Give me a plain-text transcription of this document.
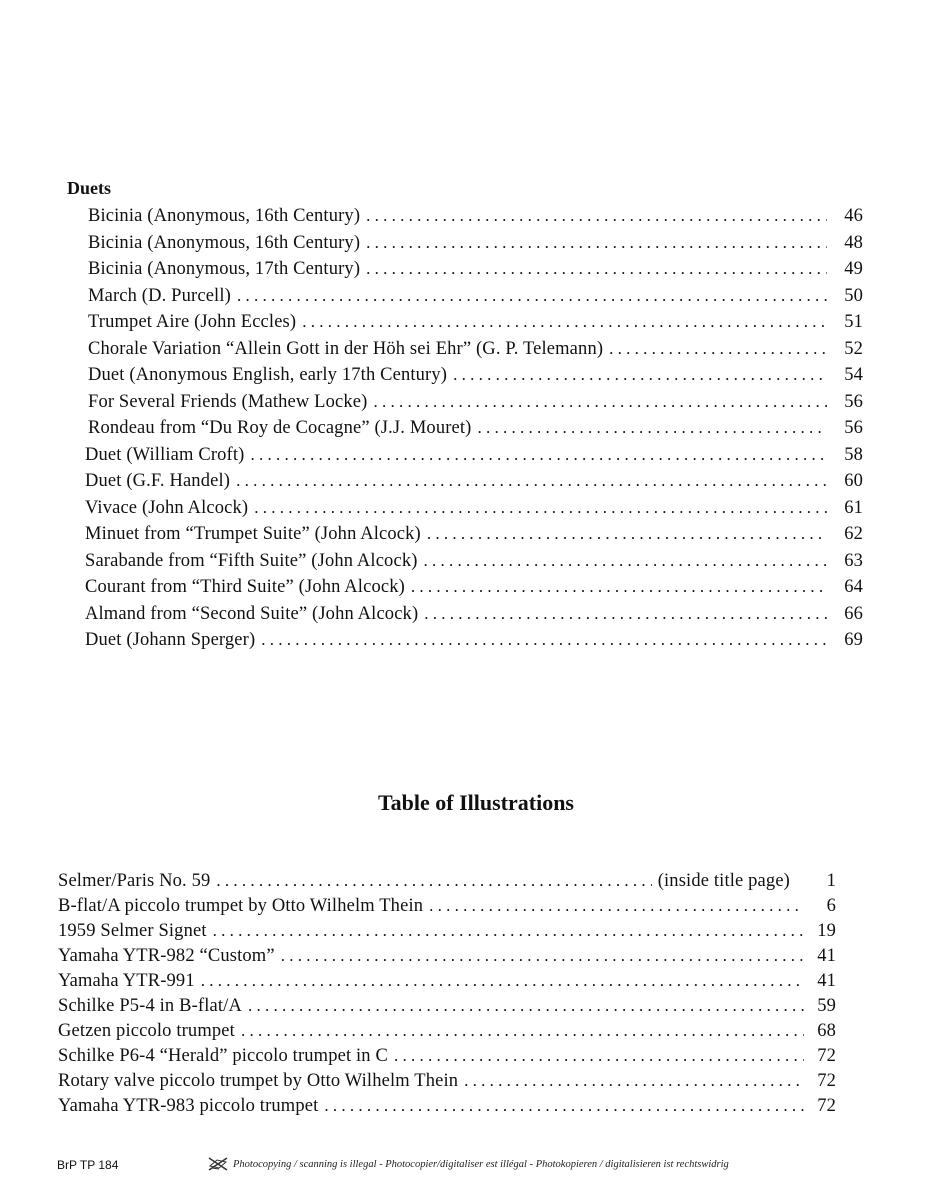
Duets
Bicinia (Anonymous, 16th Century) . . .	46
Bicinia (Anonymous, 16th Century) . . .	48
Bicinia (Anonymous, 17th Century) . . .	49
March (D. Purcell) . . .	50
Trumpet Aire (John Eccles) . . .	51
Chorale Variation “Allein Gott in der Höh sei Ehr” (G. P. Telemann) . . .	52
Duet (Anonymous English, early 17th Century) . . .	54
For Several Friends (Mathew Locke) . . .	56
Rondeau from “Du Roy de Cocagne” (J.J. Mouret) . . .	56
Duet (William Croft) . . .	58
Duet (G.F. Handel) . . .	60
Vivace (John Alcock) . . .	61
Minuet from “Trumpet Suite” (John Alcock) . . .	62
Sarabande from “Fifth Suite” (John Alcock) . . .	63
Courant from “Third Suite” (John Alcock) . . .	64
Almand from “Second Suite” (John Alcock) . . .	66
Duet (Johann Sperger) . . .	69
Table of Illustrations
Selmer/Paris No. 59 . . .	(inside title page)	1
B-flat/A piccolo trumpet by Otto Wilhelm Thein . . .	6
1959 Selmer Signet . . .	19
Yamaha YTR-982 “Custom” . . .	41
Yamaha YTR-991 . . .	41
Schilke P5-4 in B-flat/A . . .	59
Getzen piccolo trumpet . . .	68
Schilke P6-4 “Herald” piccolo trumpet in C . . .	72
Rotary valve piccolo trumpet by Otto Wilhelm Thein . . .	72
Yamaha YTR-983 piccolo trumpet . . .	72
BrP TP 184	Photocopying / scanning is illegal - Photocopier/digitaliser est illégal - Photokopieren / digitalisieren ist rechtswidrig
